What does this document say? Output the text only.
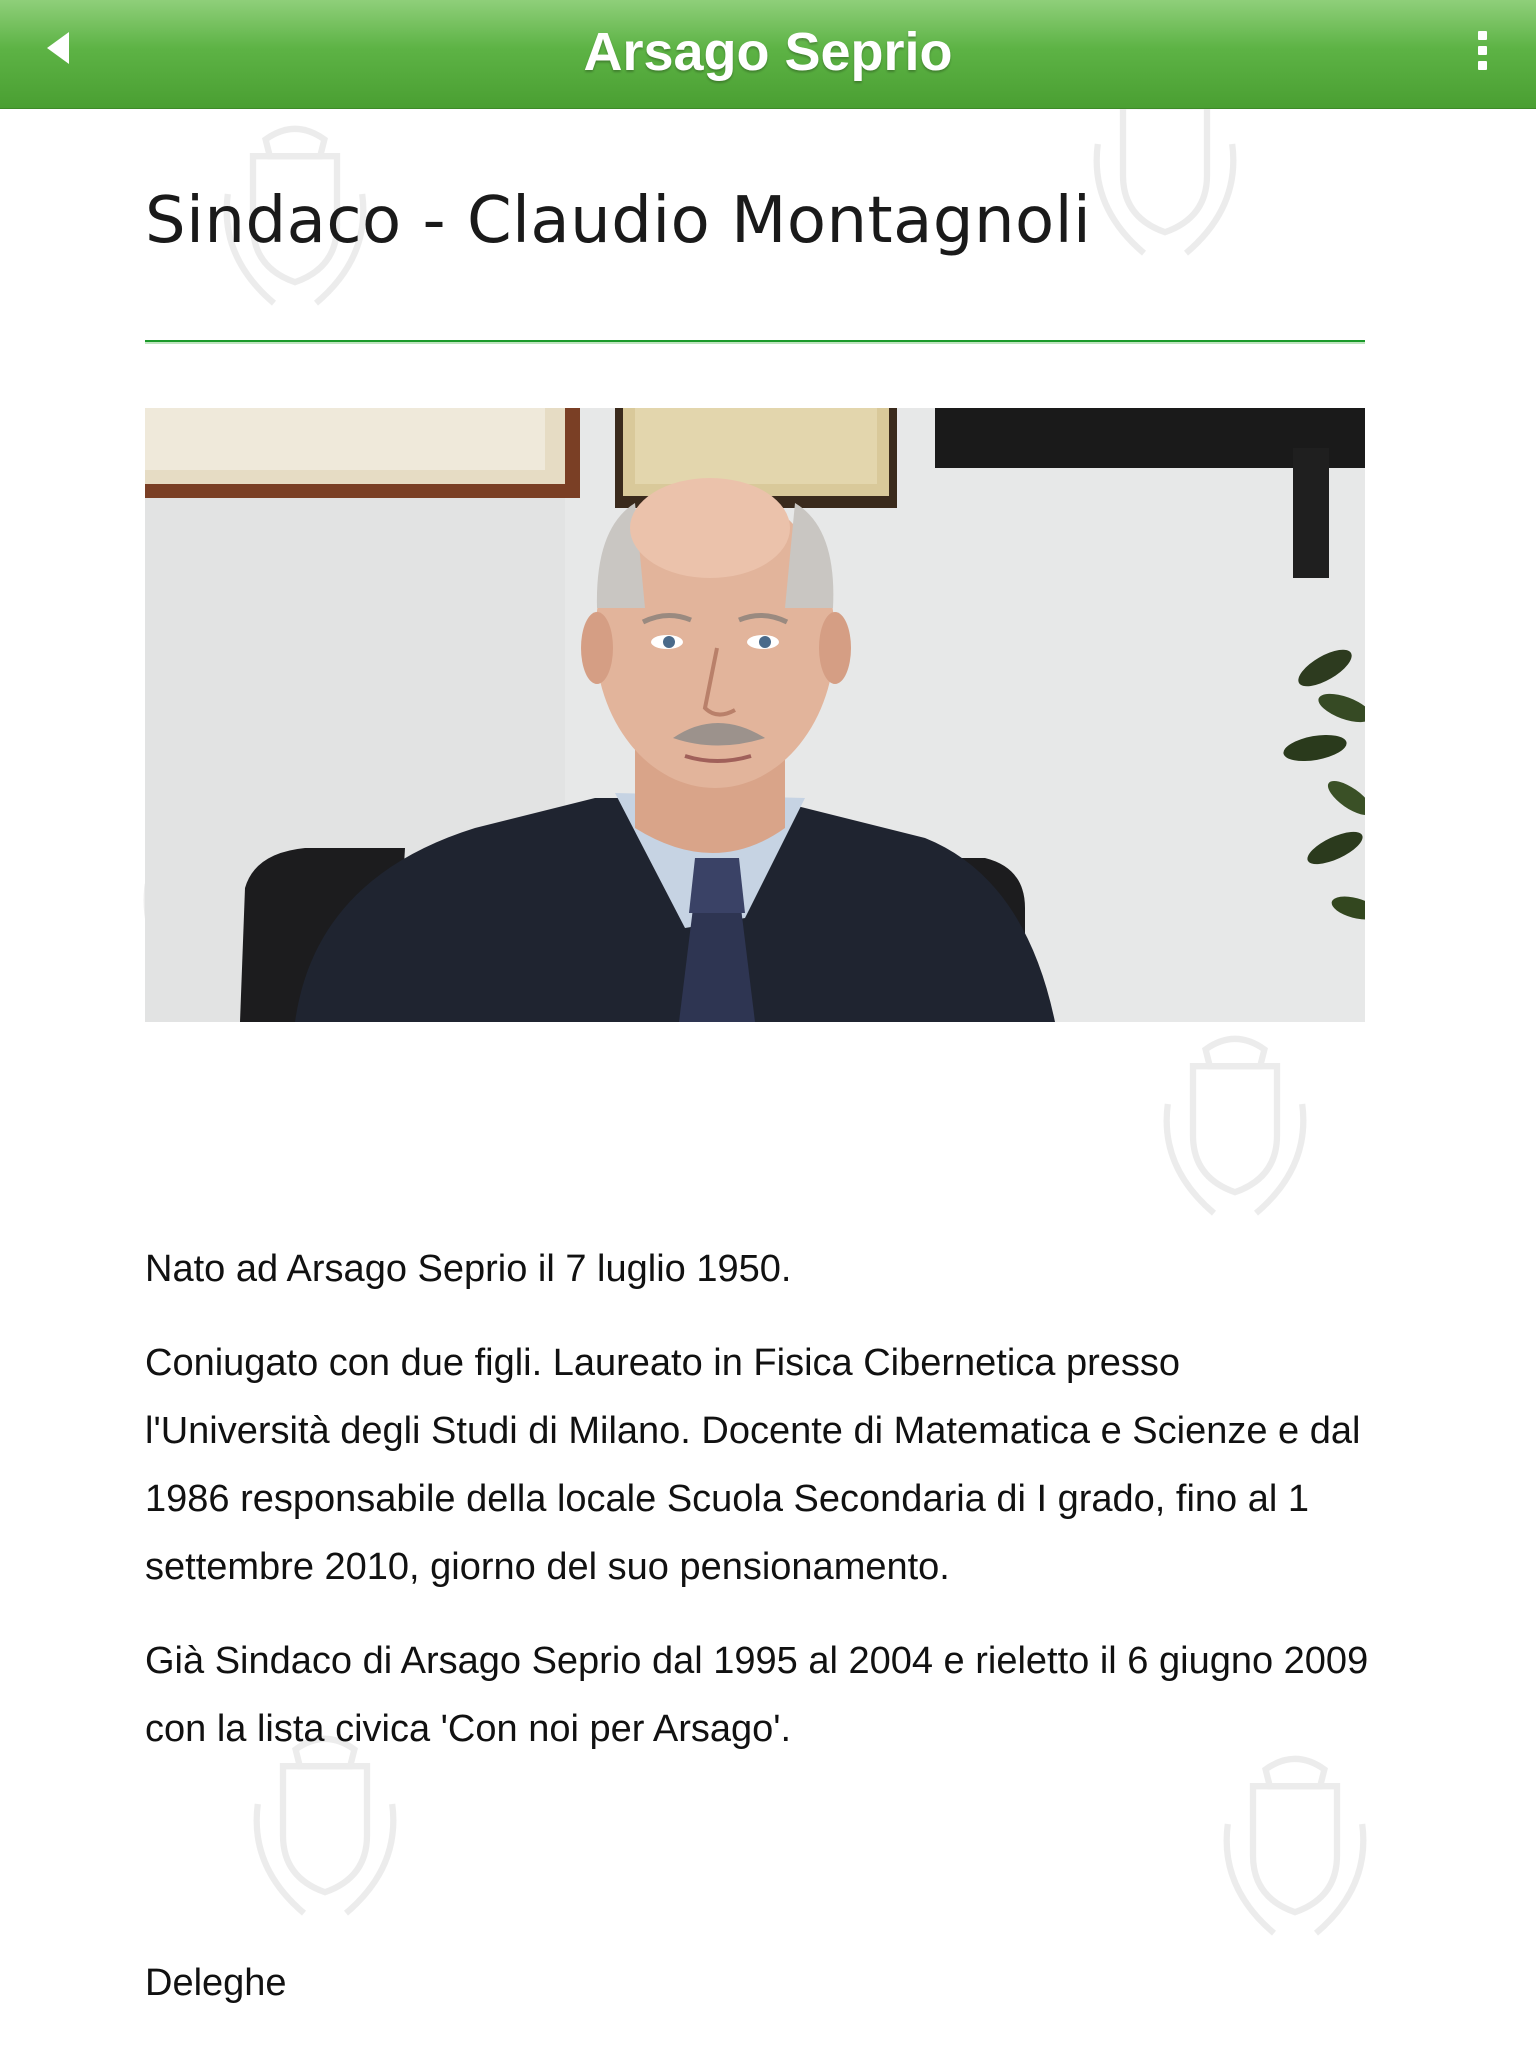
Arsago Seprio
Sindaco - Claudio Montagnoli

Nato ad Arsago Seprio il 7 luglio 1950.

Coniugato con due figli. Laureato in Fisica Cibernetica presso l'Università degli Studi di Milano. Docente di Matematica e Scienze e dal 1986 responsabile della locale Scuola Secondaria di I grado, fino al 1 settembre 2010, giorno del suo pensionamento.

Già Sindaco di Arsago Seprio dal 1995 al 2004 e rieletto il 6 giugno 2009 con la lista civica 'Con noi per Arsago'.

Deleghe
